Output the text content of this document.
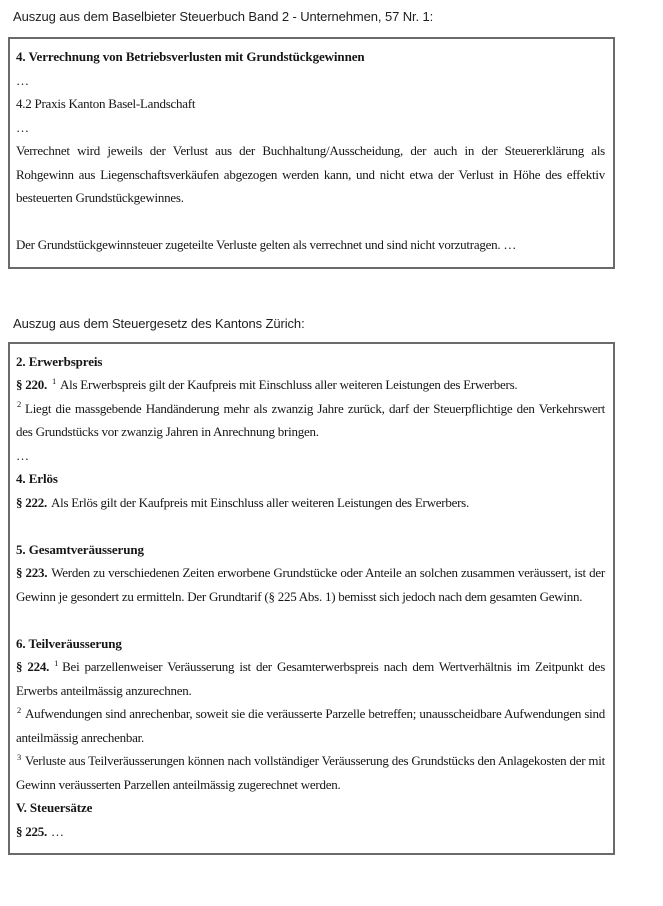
Auszug aus dem Baselbieter Steuerbuch Band 2 - Unternehmen, 57 Nr. 1:

4. Verrechnung von Betriebsverlusten mit Grundstückgewinnen

…

4.2 Praxis Kanton Basel-Landschaft

…

Verrechnet wird jeweils der Verlust aus der Buchhaltung/Ausscheidung, der auch in der Steuererklärung als Rohgewinn aus Liegenschaftsverkäufen abgezogen werden kann, und nicht etwa der Verlust in Höhe des effektiv besteuerten Grundstückgewinnes.

Der Grundstückgewinnsteuer zugeteilte Verluste gelten als verrechnet und sind nicht vorzutragen. …

Auszug aus dem Steuergesetz des Kantons Zürich:

2. Erwerbspreis

§ 220. $^1$ Als Erwerbspreis gilt der Kaufpreis mit Einschluss aller weiteren Leistungen des Erwerbers.

$^2$ Liegt die massgebende Handänderung mehr als zwanzig Jahre zurück, darf der Steuerpflichtige den Verkehrswert des Grundstücks vor zwanzig Jahren in Anrechnung bringen.

…

4. Erlös

§ 222. Als Erlös gilt der Kaufpreis mit Einschluss aller weiteren Leistungen des Erwerbers.

5. Gesamtveräusserung

§ 223. Werden zu verschiedenen Zeiten erworbene Grundstücke oder Anteile an solchen zusammen veräussert, ist der Gewinn je gesondert zu ermitteln. Der Grundtarif (§ 225 Abs. 1) bemisst sich jedoch nach dem gesamten Gewinn.

6. Teilveräusserung

§ 224. $^1$ Bei parzellenweiser Veräusserung ist der Gesamterwerbspreis nach dem Wertverhältnis im Zeitpunkt des Erwerbs anteilmässig anzurechnen.

$^2$ Aufwendungen sind anrechenbar, soweit sie die veräusserte Parzelle betreffen; unausscheidbare Aufwendungen sind anteilmässig anrechenbar.

$^3$ Verluste aus Teilveräusserungen können nach vollständiger Veräusserung des Grundstücks den Anlagekosten der mit Gewinn veräusserten Parzellen anteilmässig zugerechnet werden.

V. Steuersätze

§ 225. …
